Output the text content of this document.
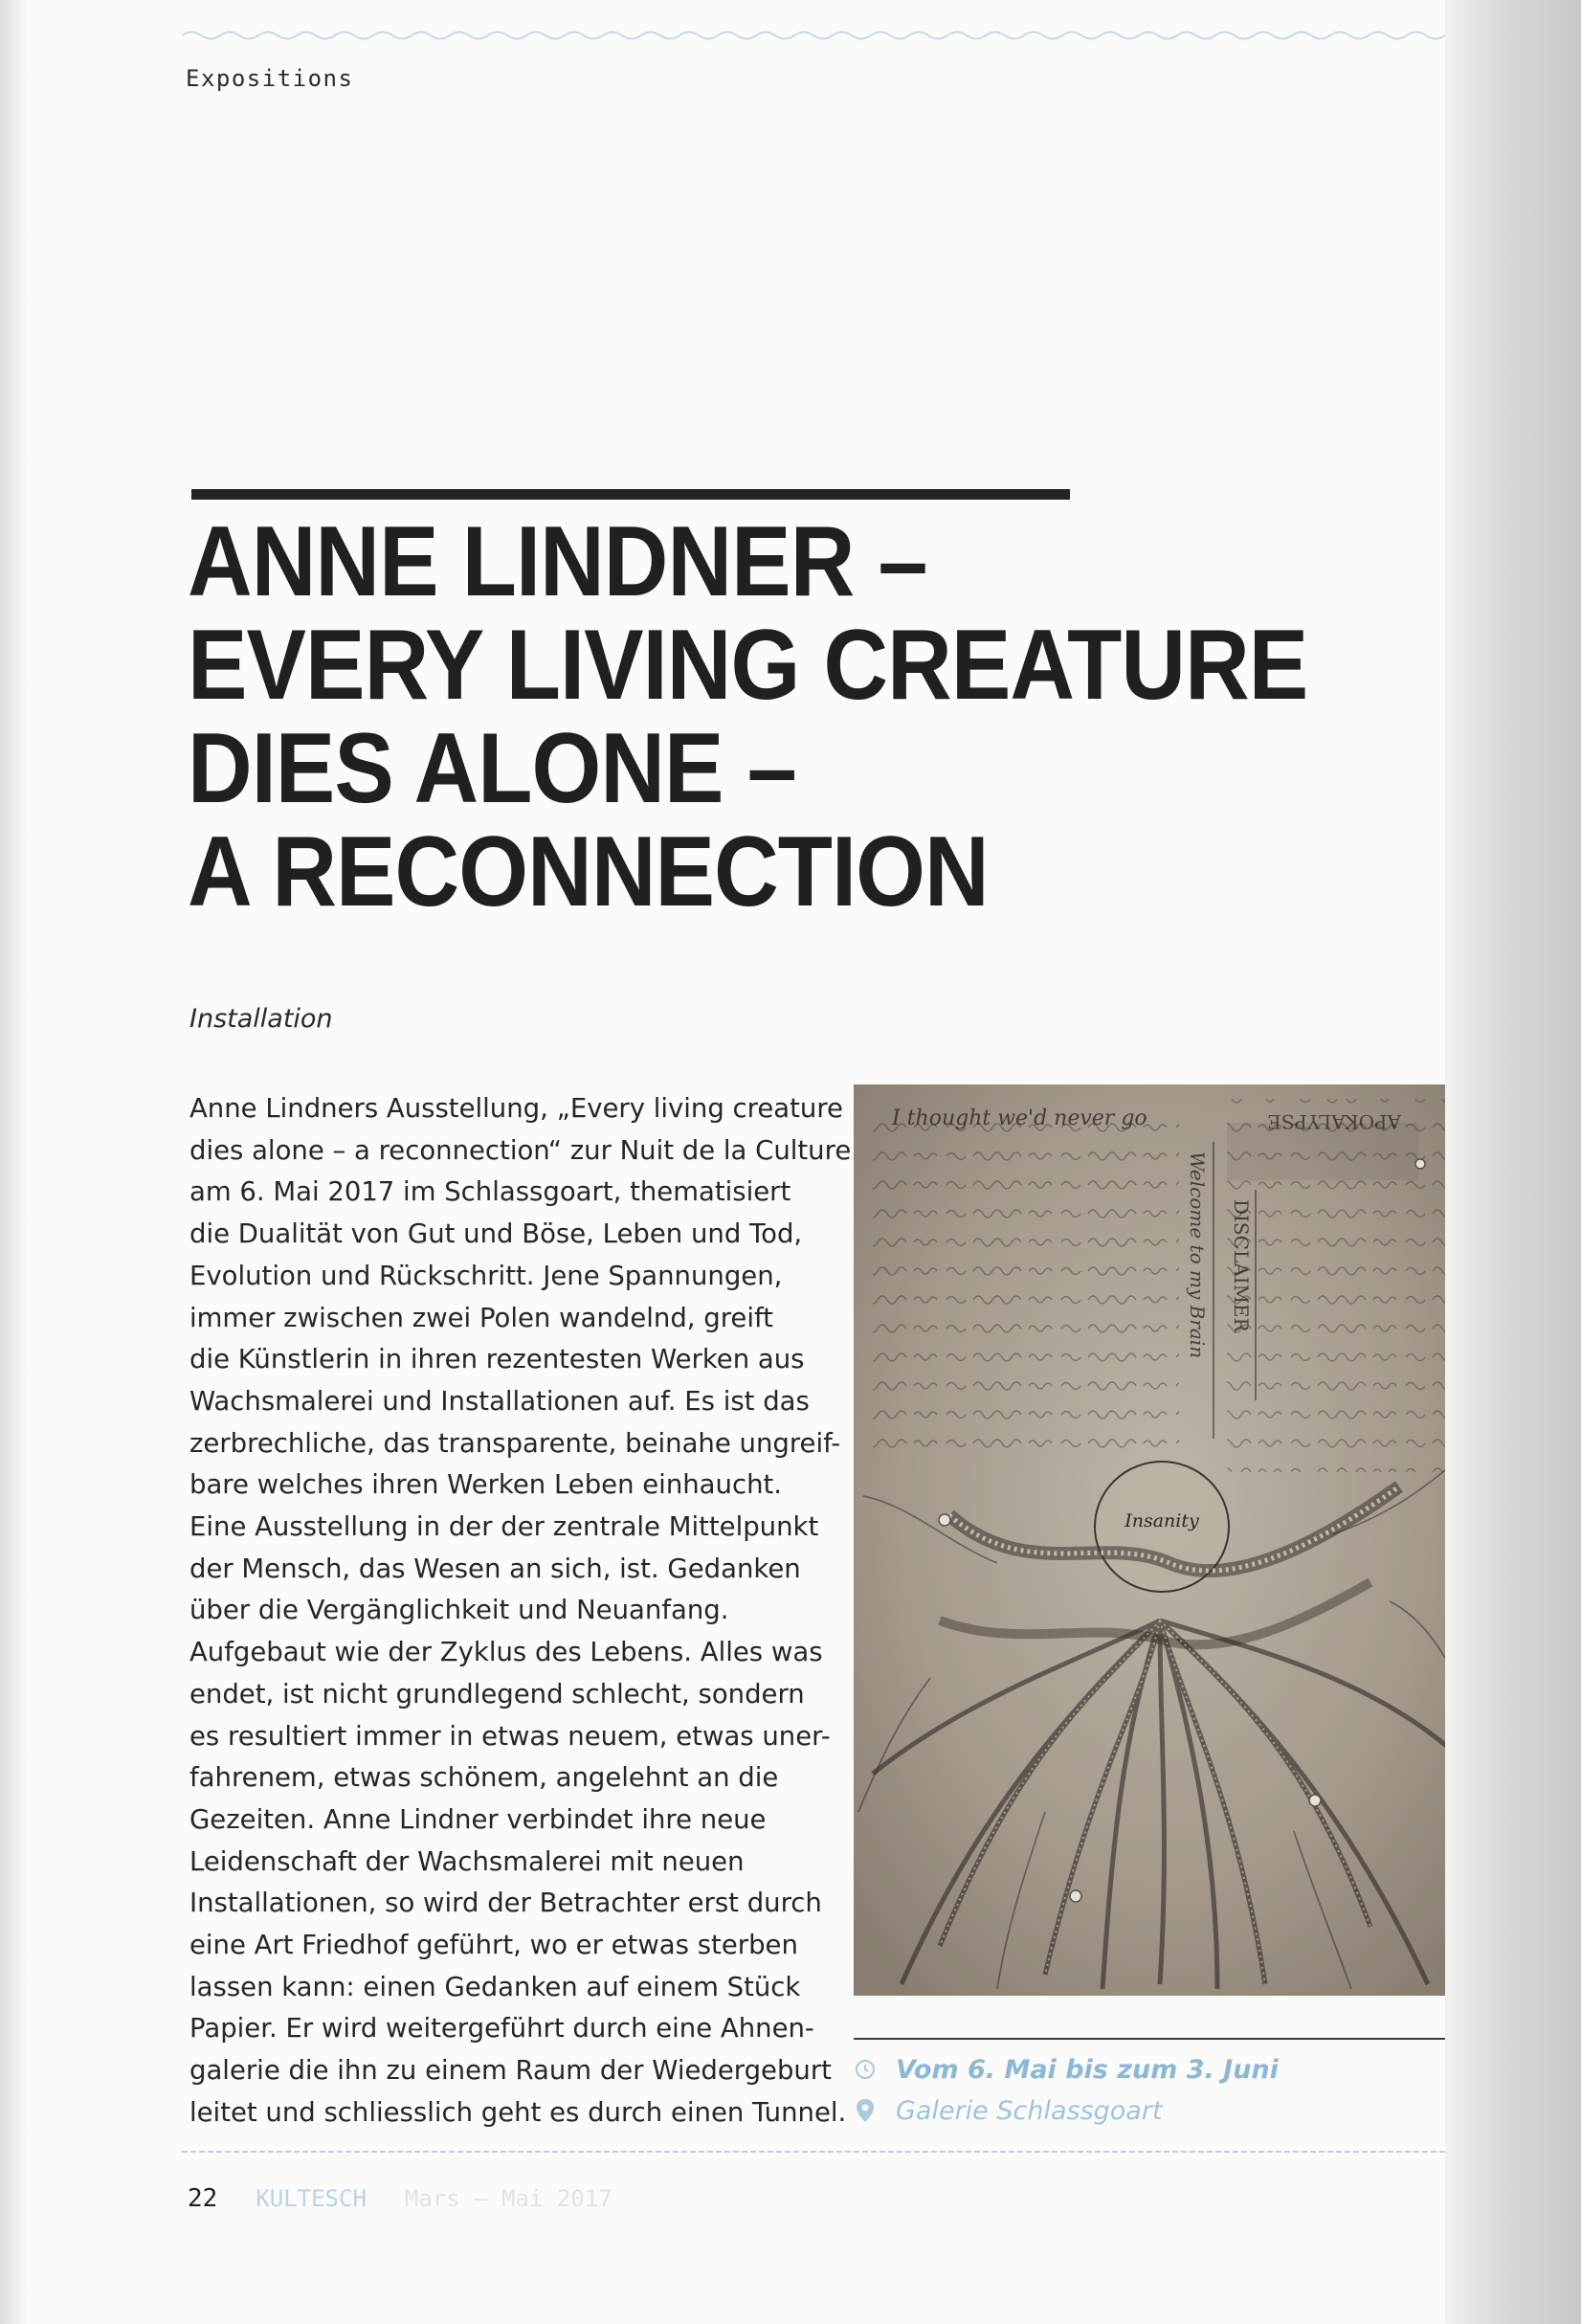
Expositions
ANNE LINDNER –
EVERY LIVING CREATURE
DIES ALONE –
A RECONNECTION
Installation
Anne Lindners Ausstellung, „Every living creature
dies alone – a reconnection“ zur Nuit de la Culture
am 6. Mai 2017 im Schlassgoart, thematisiert
die Dualität von Gut und Böse, Leben und Tod,
Evolution und Rückschritt. Jene Spannungen,
immer zwischen zwei Polen wandelnd, greift
die Künstlerin in ihren rezentesten Werken aus
Wachsmalerei und Installationen auf. Es ist das
zerbrechliche, das transparente, beinahe ungreif-
bare welches ihren Werken Leben einhaucht.
Eine Ausstellung in der der zentrale Mittelpunkt
der Mensch, das Wesen an sich, ist. Gedanken
über die Vergänglichkeit und Neuanfang.
Aufgebaut wie der Zyklus des Lebens. Alles was
endet, ist nicht grundlegend schlecht, sondern
es resultiert immer in etwas neuem, etwas uner-
fahrenem, etwas schönem, angelehnt an die
Gezeiten. Anne Lindner verbindet ihre neue
Leidenschaft der Wachsmalerei mit neuen
Installationen, so wird der Betrachter erst durch
eine Art Friedhof geführt, wo er etwas sterben
lassen kann: einen Gedanken auf einem Stück
Papier. Er wird weitergeführt durch eine Ahnen-
galerie die ihn zu einem Raum der Wiedergeburt
leitet und schliesslich geht es durch einen Tunnel.
I thought we'd never go	APOKALYPSE
Welcome to my Brain DISCLAIMER
Insanity
Vom 6. Mai bis zum 3. Juni
Galerie Schlassgoart
22 KULTESCH Mars – Mai 2017
